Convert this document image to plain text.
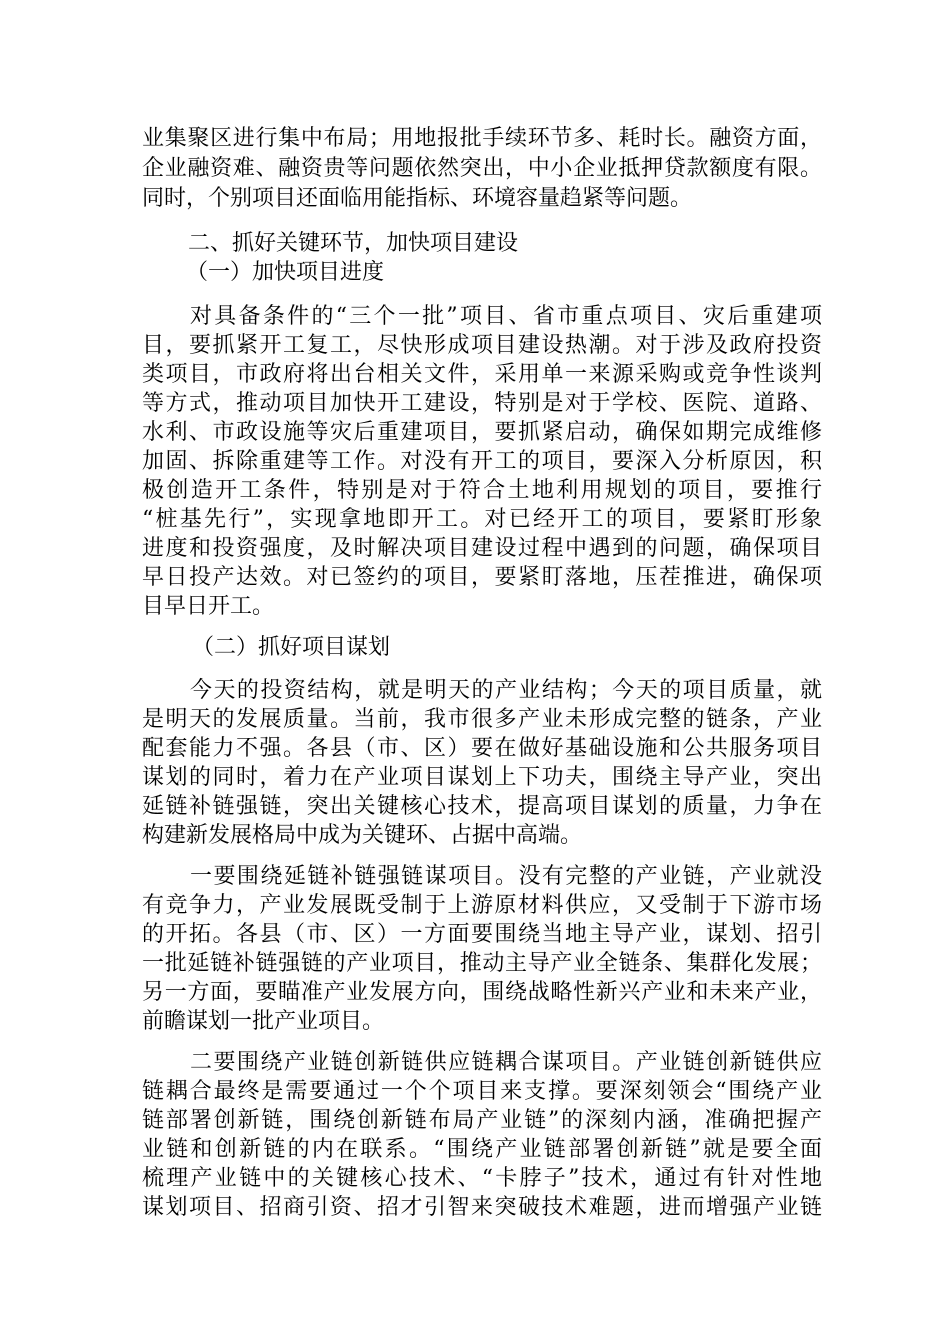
业集聚区进行集中布局；用地报批手续环节多、耗时长。融资方面，
企业融资难、融资贵等问题依然突出，中小企业抵押贷款额度有限。
同时，个别项目还面临用能指标、环境容量趋紧等问题。
二、抓好关键环节，加快项目建设
（一）加快项目进度
对具备条件的“三个一批”项目、省市重点项目、灾后重建项
目，要抓紧开工复工，尽快形成项目建设热潮。对于涉及政府投资
类项目，市政府将出台相关文件，采用单一来源采购或竞争性谈判
等方式，推动项目加快开工建设，特别是对于学校、医院、道路、
水利、市政设施等灾后重建项目，要抓紧启动，确保如期完成维修
加固、拆除重建等工作。对没有开工的项目，要深入分析原因，积
极创造开工条件，特别是对于符合土地利用规划的项目，要推行
“桩基先行”，实现拿地即开工。对已经开工的项目，要紧盯形象
进度和投资强度，及时解决项目建设过程中遇到的问题，确保项目
早日投产达效。对已签约的项目，要紧盯落地，压茬推进，确保项
目早日开工。
（二）抓好项目谋划
今天的投资结构，就是明天的产业结构；今天的项目质量，就
是明天的发展质量。当前，我市很多产业未形成完整的链条，产业
配套能力不强。各县（市、区）要在做好基础设施和公共服务项目
谋划的同时，着力在产业项目谋划上下功夫，围绕主导产业，突出
延链补链强链，突出关键核心技术，提高项目谋划的质量，力争在
构建新发展格局中成为关键环、占据中高端。
一要围绕延链补链强链谋项目。没有完整的产业链，产业就没
有竞争力，产业发展既受制于上游原材料供应，又受制于下游市场
的开拓。各县（市、区）一方面要围绕当地主导产业，谋划、招引
一批延链补链强链的产业项目，推动主导产业全链条、集群化发展；
另一方面，要瞄准产业发展方向，围绕战略性新兴产业和未来产业，
前瞻谋划一批产业项目。
二要围绕产业链创新链供应链耦合谋项目。产业链创新链供应
链耦合最终是需要通过一个个项目来支撑。要深刻领会“围绕产业
链部署创新链，围绕创新链布局产业链”的深刻内涵，准确把握产
业链和创新链的内在联系。“围绕产业链部署创新链”就是要全面
梳理产业链中的关键核心技术、“卡脖子”技术，通过有针对性地
谋划项目、招商引资、招才引智来突破技术难题，进而增强产业链
